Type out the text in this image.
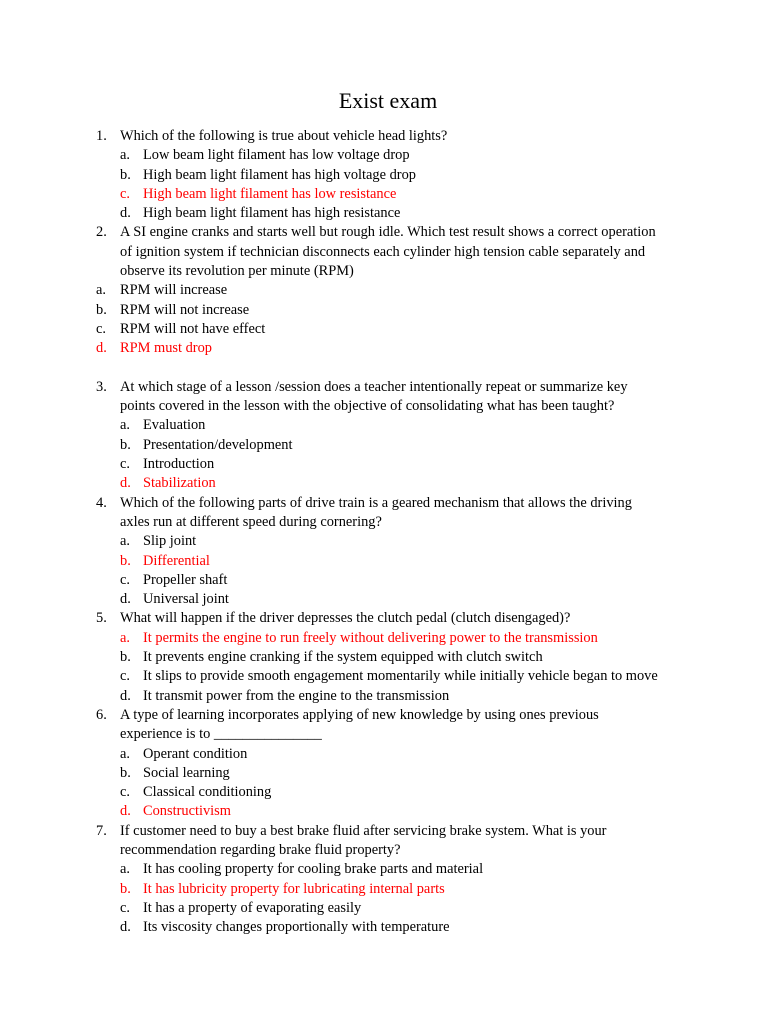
Exist exam
1. Which of the following is true about vehicle head lights?
a. Low beam light filament has low voltage drop
b. High beam light filament has high voltage drop
c. High beam light filament has low resistance
d. High beam light filament has high resistance
2. A SI engine cranks and starts well but rough idle. Which test result shows a correct operation
of ignition system if technician disconnects each cylinder high tension cable separately and
observe its revolution per minute (RPM)
a. RPM will increase
b. RPM will not increase
c. RPM will not have effect
d. RPM must drop
3. At which stage of a lesson /session does a teacher intentionally repeat or summarize key
points covered in the lesson with the objective of consolidating what has been taught?
a. Evaluation
b. Presentation/development
c. Introduction
d. Stabilization
4. Which of the following parts of drive train is a geared mechanism that allows the driving
axles run at different speed during cornering?
a. Slip joint
b. Differential
c. Propeller shaft
d. Universal joint
5. What will happen if the driver depresses the clutch pedal (clutch disengaged)?
a. It permits the engine to run freely without delivering power to the transmission
b. It prevents engine cranking if the system equipped with clutch switch
c. It slips to provide smooth engagement momentarily while initially vehicle began to move
d. It transmit power from the engine to the transmission
6. A type of learning incorporates applying of new knowledge by using ones previous
experience is to _______________
a. Operant condition
b. Social learning
c. Classical conditioning
d. Constructivism
7. If customer need to buy a best brake fluid after servicing brake system. What is your
recommendation regarding brake fluid property?
a. It has cooling property for cooling brake parts and material
b. It has lubricity property for lubricating internal parts
c. It has a property of evaporating easily
d. Its viscosity changes proportionally with temperature
